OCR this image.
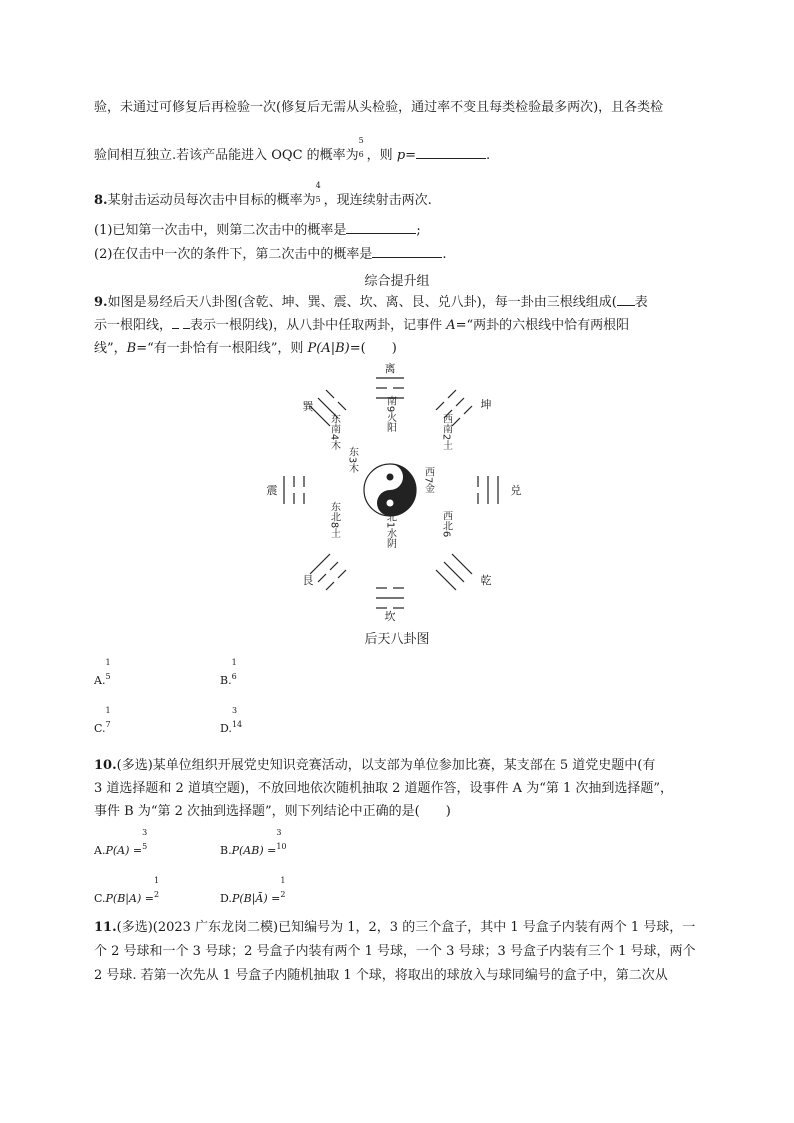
验，未通过可修复后再检验一次(修复后无需从头检验，通过率不变且每类检验最多两次)，且各类检
验间相互独立.若该产品能进入 OQC 的概率为
5
6 ，则 p=	.
8.某射击运动员每次击中目标的概率为
4
5 ，现连续射击两次.
(1)已知第一次击中，则第二次击中的概率是	;
(2)在仅击中一次的条件下，第二次击中的概率是	.
综合提升组
9.如图是易经后天八卦图(含乾、坤、巽、震、坎、离、艮、兑八卦)，每一卦由三根线组成( 表
示一根阳线， 表示一根阴线)，从八卦中任取两卦，记事件 A=“两卦的六根线中恰有两根阳
线”，B=“有一卦恰有一根阳线”，则 P(A|B)=(　　)
离
坎
震	兑
巽	坤
艮	乾
南9火阳
北1水阴
东3木
西7金
东南4木	西南2土
东北8土	西北6
后天八卦图
A.
1
5	B.
1
6
C.
1
7	D.
3
14
10.(多选)某单位组织开展党史知识竞赛活动，以支部为单位参加比赛，某支部在 5 道党史题中(有
3 道选择题和 2 道填空题)，不放回地依次随机抽取 2 道题作答，设事件 A 为“第 1 次抽到选择题”，
事件 B 为“第 2 次抽到选择题”，则下列结论中正确的是(　　)
A.P(A) =
3
5	B.P(AB) =
3
10
C.P(B|A) =
1
2	D.P(B|Ā) =
1
2
11.(多选)(2023 广东龙岗二模)已知编号为 1，2，3 的三个盒子，其中 1 号盒子内装有两个 1 号球，一
个 2 号球和一个 3 号球；2 号盒子内装有两个 1 号球，一个 3 号球；3 号盒子内装有三个 1 号球，两个
2 号球. 若第一次先从 1 号盒子内随机抽取 1 个球，将取出的球放入与球同编号的盒子中，第二次从
